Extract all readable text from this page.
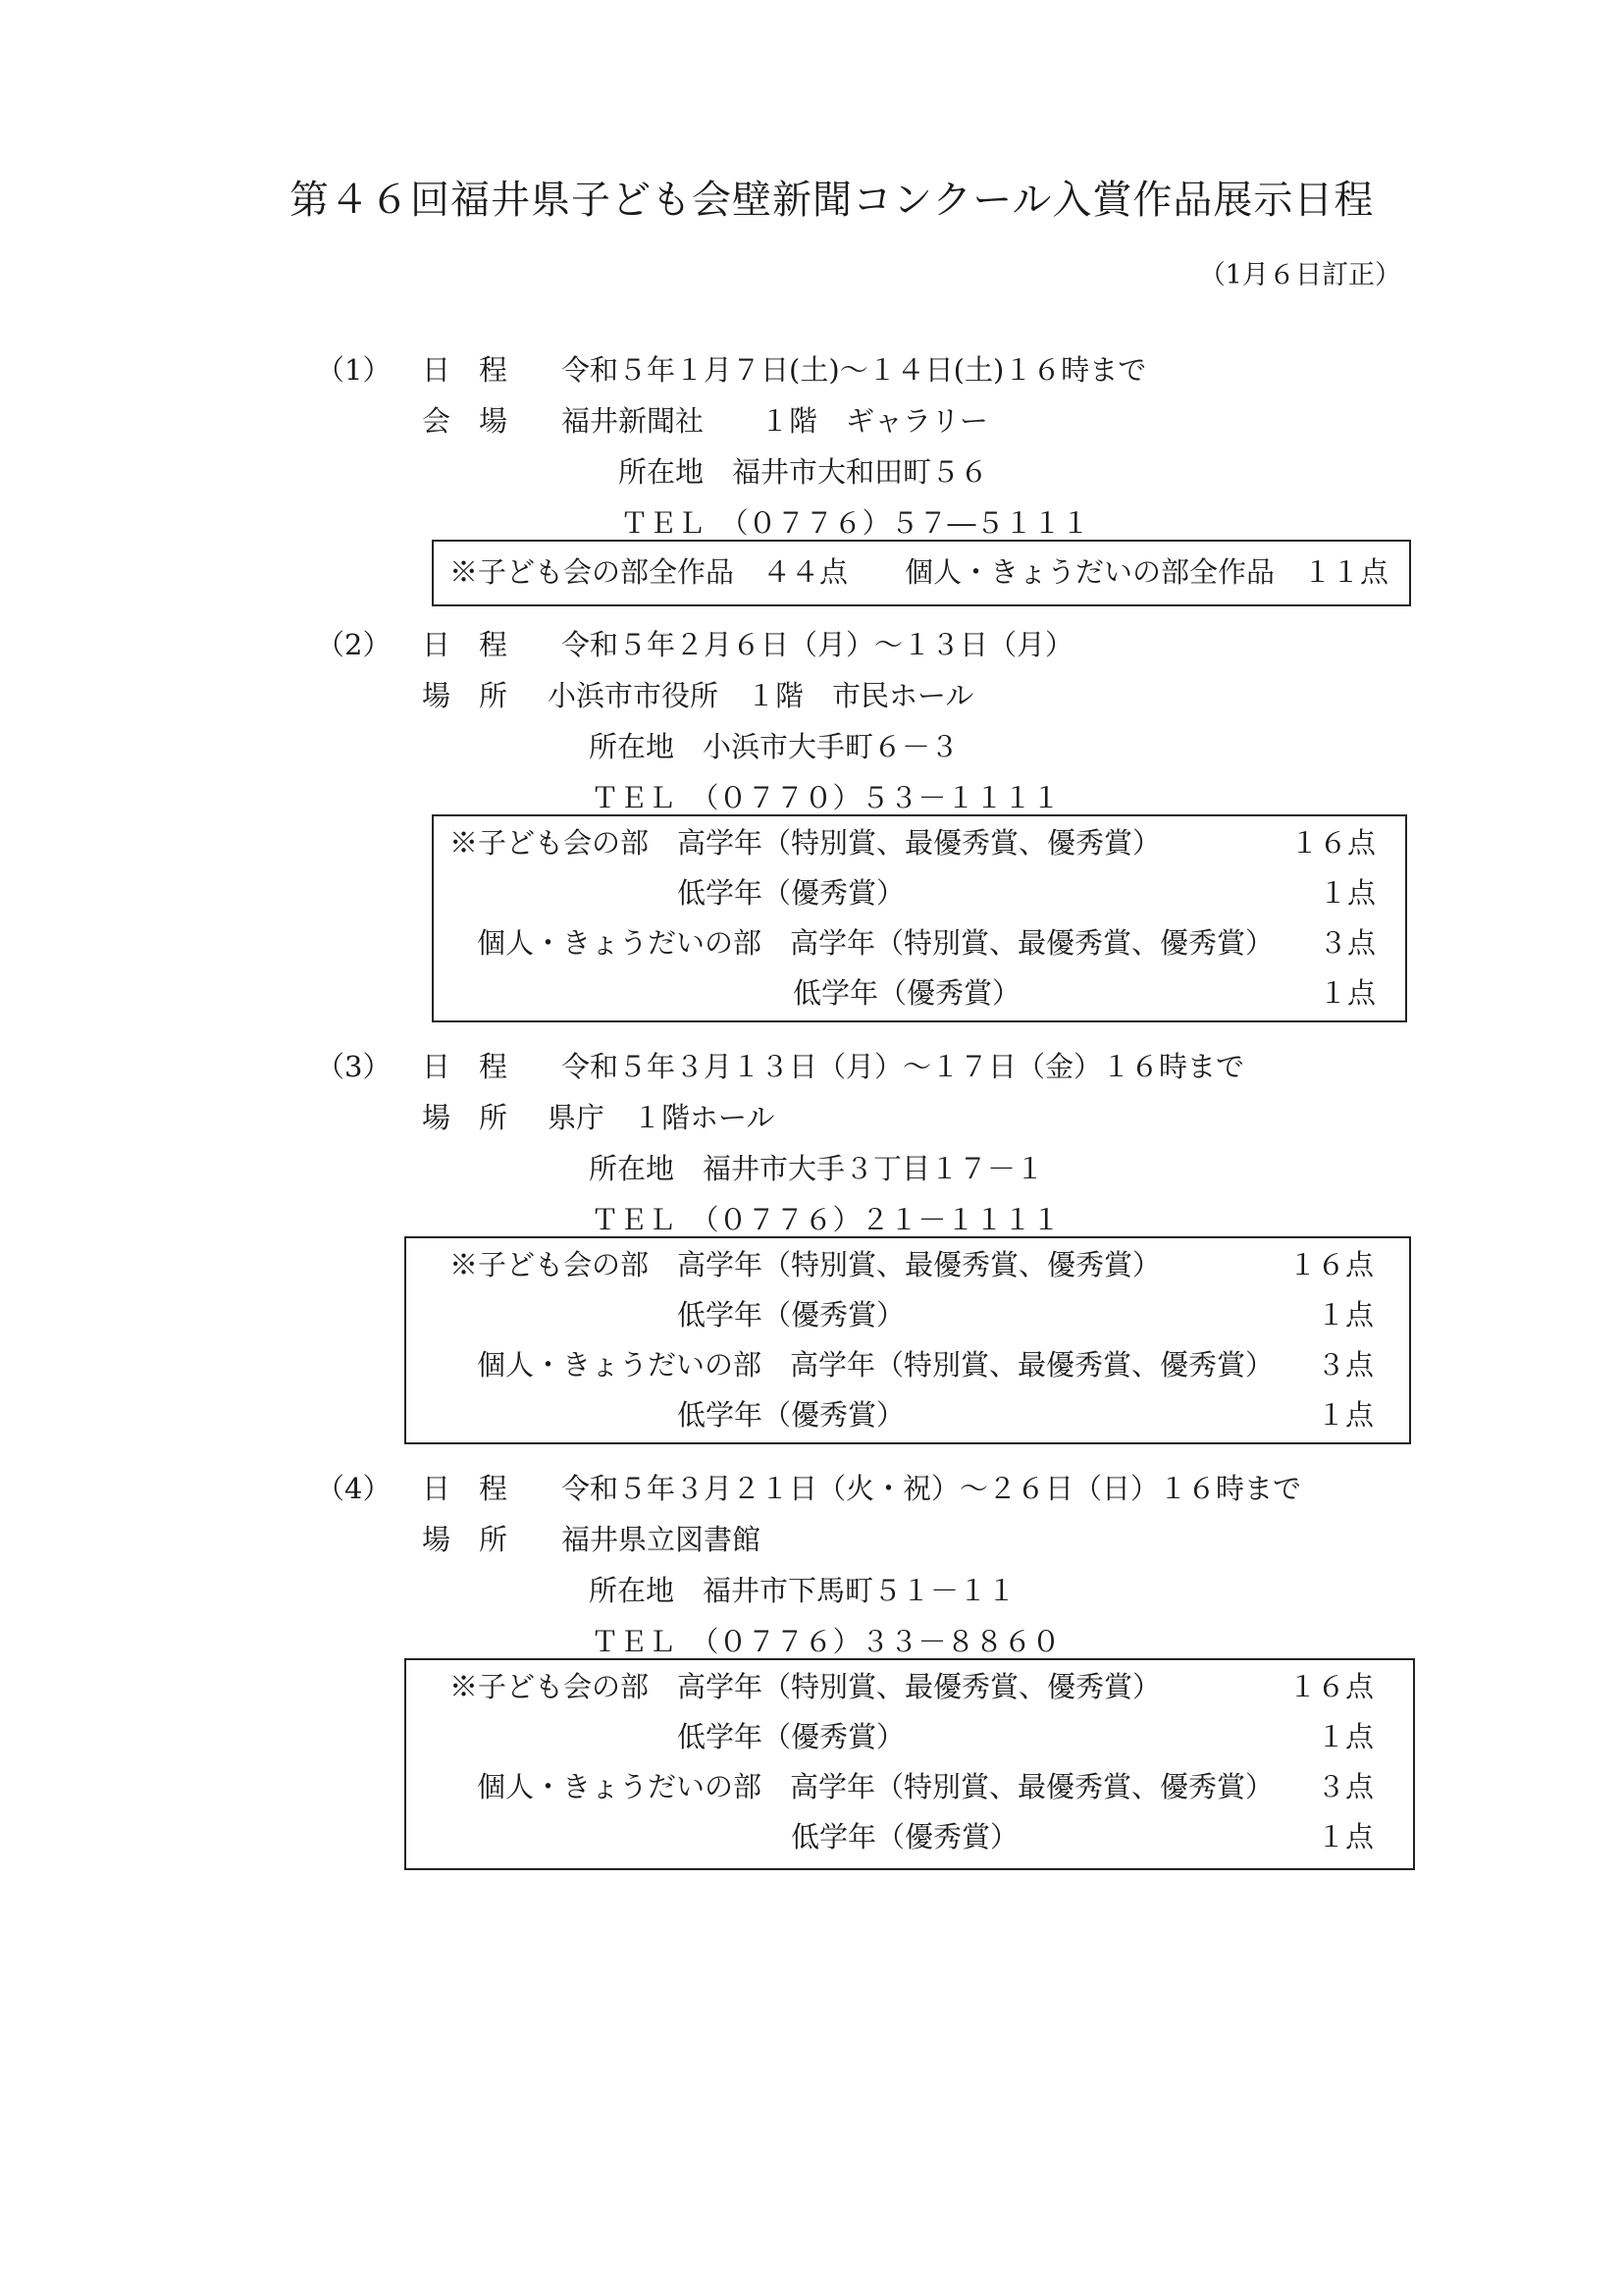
第４６回福井県子ども会壁新聞コンクール入賞作品展示日程
（1月６日訂正）
（1） 日　程 令和５年１月７日(土)～１４日(土)１６時まで
会　場 福井新聞社　　１階　ギャラリー
所在地　福井市大和田町５６
ＴＥＬ　（０７７６）５７―５１１１
※子ども会の部全作品　４４点　　個人・きょうだいの部全作品　１１点
（2） 日　程 令和５年２月６日（月）～１３日（月）
場　所 小浜市市役所　１階　市民ホール
所在地　小浜市大手町６－３
ＴＥＬ　（０７７０）５３－１１１１
※子ども会の部　高学年（特別賞、最優秀賞、優秀賞）	１６点
低学年（優秀賞）	１点
個人・きょうだいの部　高学年（特別賞、最優秀賞、優秀賞） ３点
低学年（優秀賞）	１点
（3） 日　程 令和５年３月１３日（月）～１７日（金）１６時まで
場　所 県庁　１階ホール
所在地　福井市大手３丁目１７－１
ＴＥＬ　（０７７６）２１－１１１１
※子ども会の部　高学年（特別賞、最優秀賞、優秀賞）	１６点
低学年（優秀賞）	１点
個人・きょうだいの部　高学年（特別賞、最優秀賞、優秀賞） ３点
低学年（優秀賞）	１点
（4） 日　程 令和５年３月２１日（火・祝）～２６日（日）１６時まで
場　所 福井県立図書館
所在地　福井市下馬町５１－１１
ＴＥＬ　（０７７６）３３－８８６０
※子ども会の部　高学年（特別賞、最優秀賞、優秀賞）	１６点
低学年（優秀賞）	１点
個人・きょうだいの部　高学年（特別賞、最優秀賞、優秀賞） ３点
低学年（優秀賞）	１点
